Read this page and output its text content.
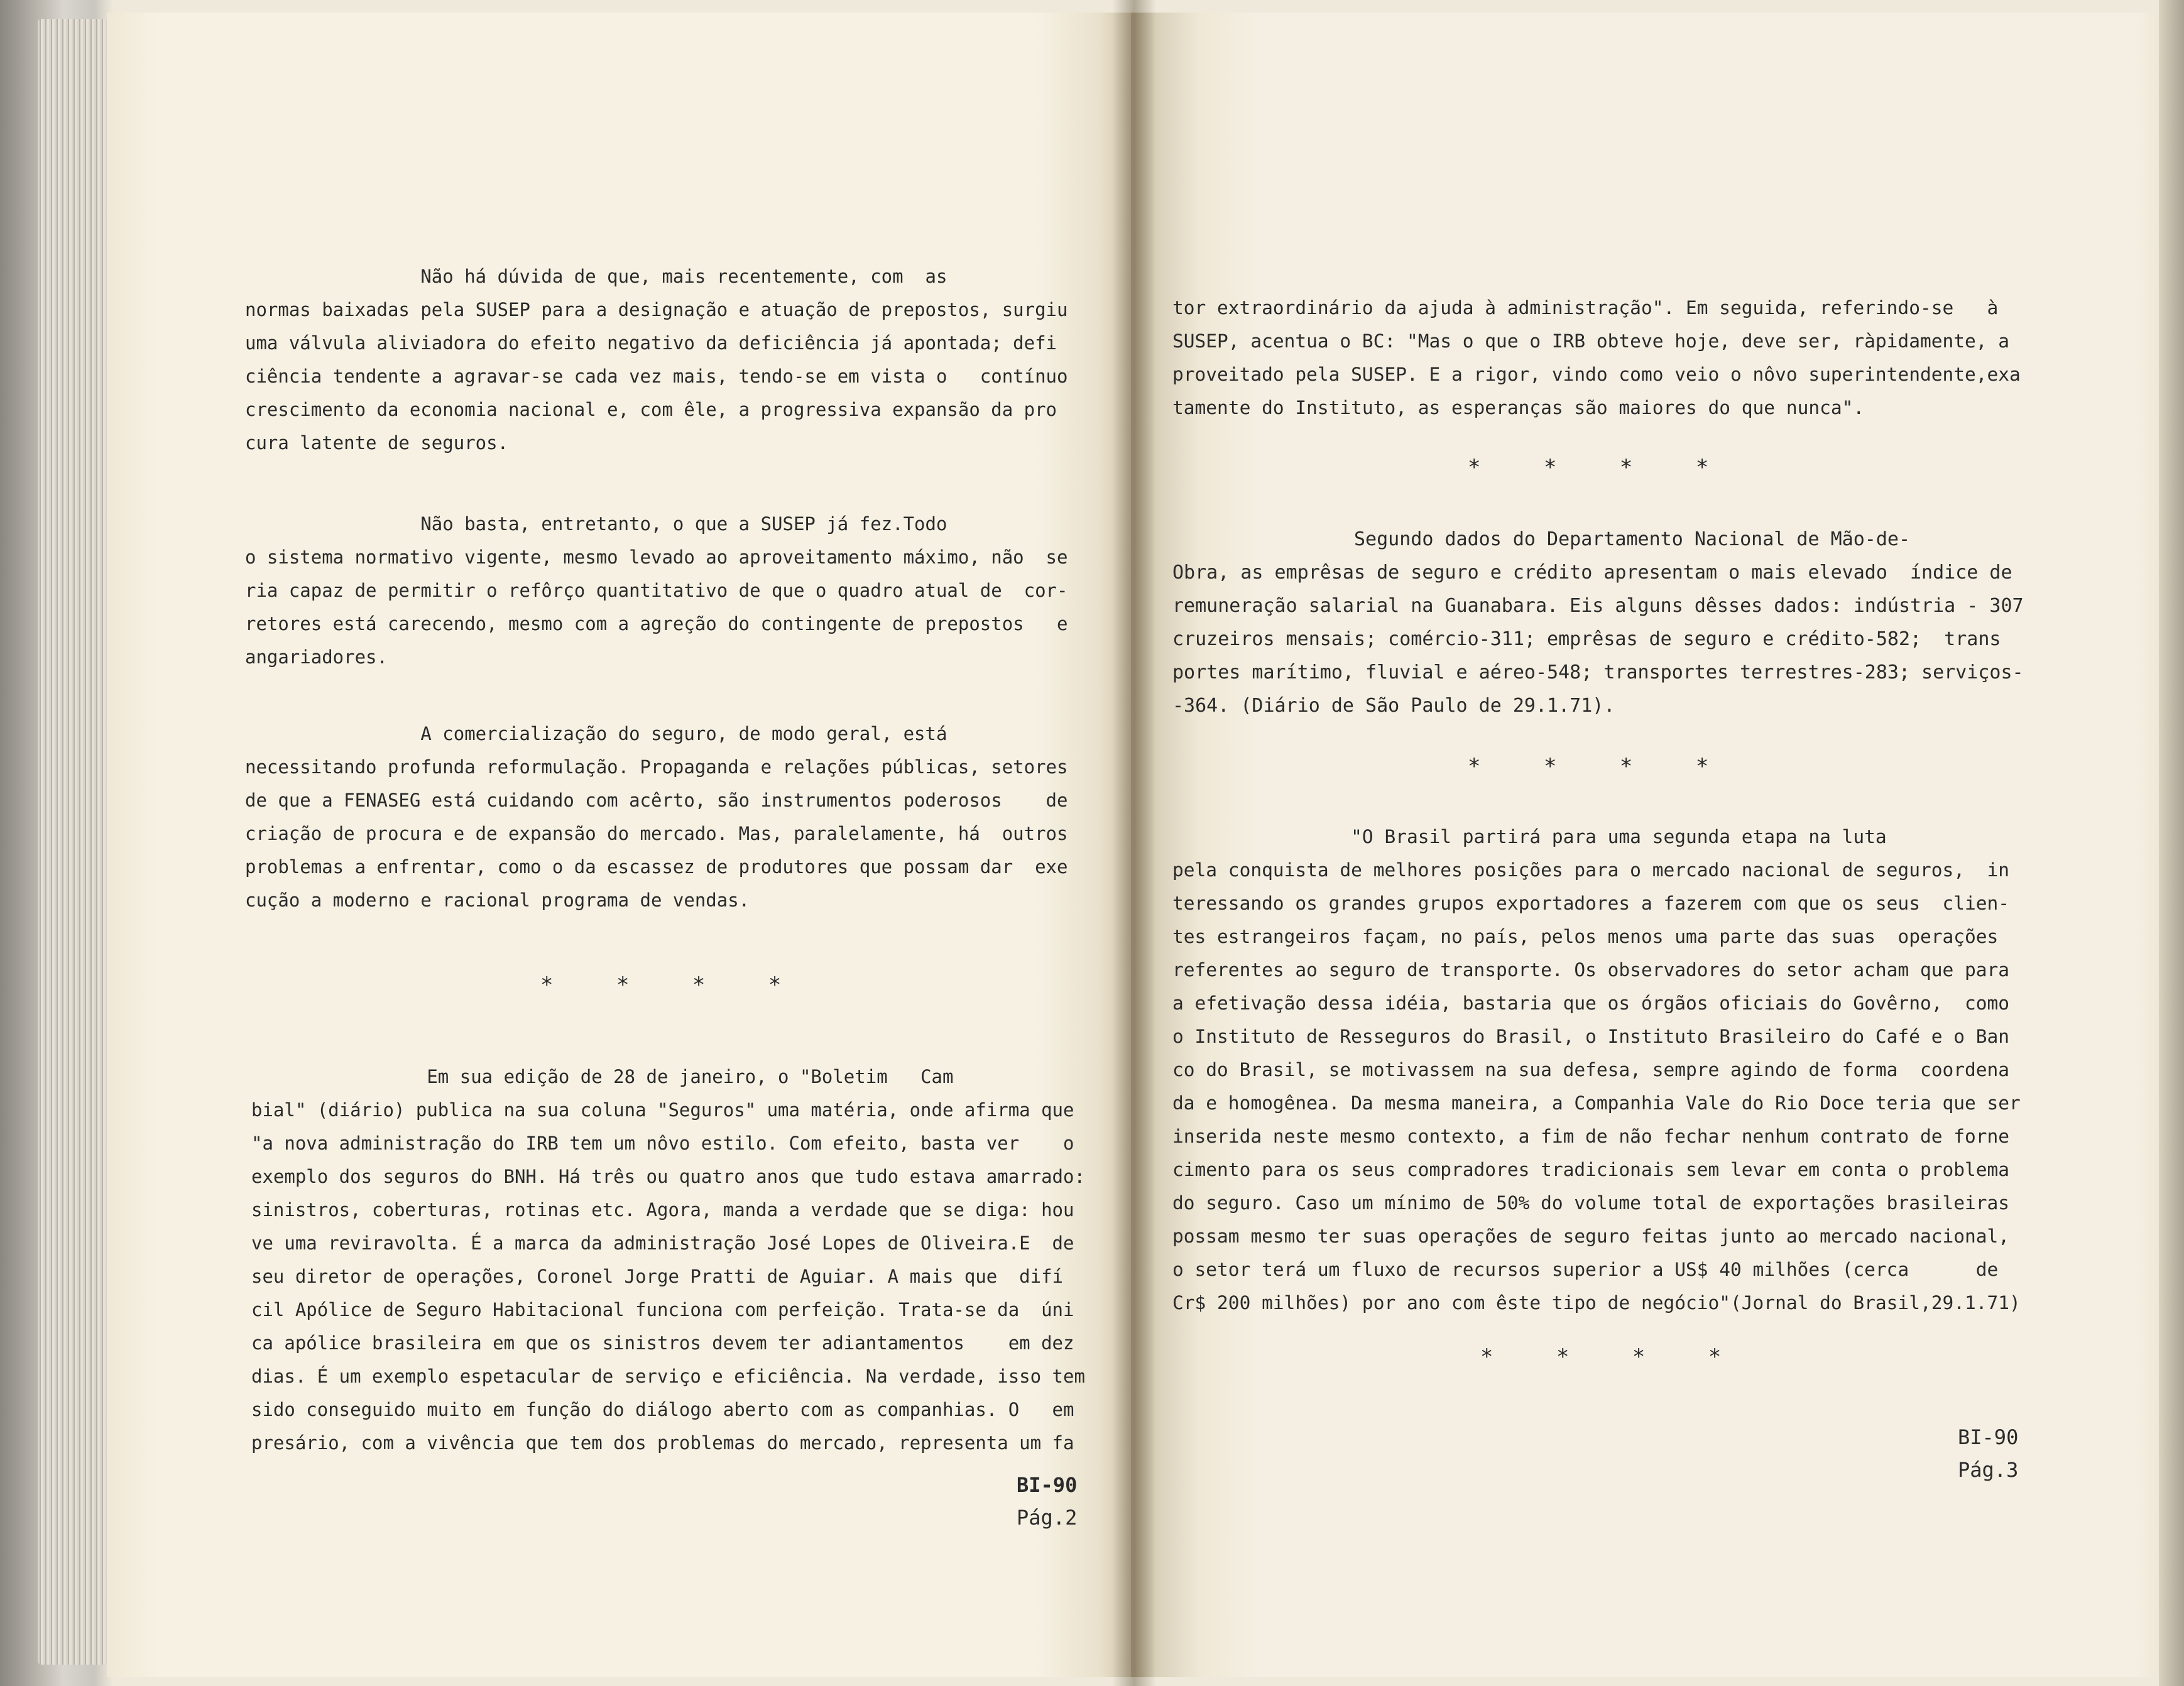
Não há dúvida de que, mais recentemente, com  as
normas baixadas pela SUSEP para a designação e atuação de prepostos, surgiu
uma válvula aliviadora do efeito negativo da deficiência já apontada; defi
ciência tendente a agravar-se cada vez mais, tendo-se em vista o   contínuo
crescimento da economia nacional e, com êle, a progressiva expansão da pro
cura latente de seguros.
Não basta, entretanto, o que a SUSEP já fez.Todo
o sistema normativo vigente, mesmo levado ao aproveitamento máximo, não  se
ria capaz de permitir o refôrço quantitativo de que o quadro atual de  cor-
retores está carecendo, mesmo com a agreção do contingente de prepostos   e
angariadores.
A comercialização do seguro, de modo geral, está
necessitando profunda reformulação. Propaganda e relações públicas, setores
de que a FENASEG está cuidando com acêrto, são instrumentos poderosos    de
criação de procura e de expansão do mercado. Mas, paralelamente, há  outros
problemas a enfrentar, como o da escassez de produtores que possam dar  exe
cução a moderno e racional programa de vendas.
* * * *
Em sua edição de 28 de janeiro, o "Boletim   Cam
bial" (diário) publica na sua coluna "Seguros" uma matéria, onde afirma que
"a nova administração do IRB tem um nôvo estilo. Com efeito, basta ver    o
exemplo dos seguros do BNH. Há três ou quatro anos que tudo estava amarrado:
sinistros, coberturas, rotinas etc. Agora, manda a verdade que se diga: hou
ve uma reviravolta. É a marca da administração José Lopes de Oliveira.E  de
seu diretor de operações, Coronel Jorge Pratti de Aguiar. A mais que  difí
cil Apólice de Seguro Habitacional funciona com perfeição. Trata-se da  úni
ca apólice brasileira em que os sinistros devem ter adiantamentos    em dez
dias. É um exemplo espetacular de serviço e eficiência. Na verdade, isso tem
sido conseguido muito em função do diálogo aberto com as companhias. O   em
presário, com a vivência que tem dos problemas do mercado, representa um fa
BI-90
Pág.2
tor extraordinário da ajuda à administração". Em seguida, referindo-se   à
SUSEP, acentua o BC: "Mas o que o IRB obteve hoje, deve ser, ràpidamente, a
proveitado pela SUSEP. E a rigor, vindo como veio o nôvo superintendente,exa
tamente do Instituto, as esperanças são maiores do que nunca".
* * * *
Segundo dados do Departamento Nacional de Mão-de-
Obra, as emprêsas de seguro e crédito apresentam o mais elevado  índice de
remuneração salarial na Guanabara. Eis alguns dêsses dados: indústria - 307
cruzeiros mensais; comércio-311; emprêsas de seguro e crédito-582;  trans
portes marítimo, fluvial e aéreo-548; transportes terrestres-283; serviços-
-364. (Diário de São Paulo de 29.1.71).
* * * *
"O Brasil partirá para uma segunda etapa na luta
pela conquista de melhores posições para o mercado nacional de seguros,  in
teressando os grandes grupos exportadores a fazerem com que os seus  clien-
tes estrangeiros façam, no país, pelos menos uma parte das suas  operações
referentes ao seguro de transporte. Os observadores do setor acham que para
a efetivação dessa idéia, bastaria que os órgãos oficiais do Govêrno,  como
o Instituto de Resseguros do Brasil, o Instituto Brasileiro do Café e o Ban
co do Brasil, se motivassem na sua defesa, sempre agindo de forma  coordena
da e homogênea. Da mesma maneira, a Companhia Vale do Rio Doce teria que ser
inserida neste mesmo contexto, a fim de não fechar nenhum contrato de forne
cimento para os seus compradores tradicionais sem levar em conta o problema
do seguro. Caso um mínimo de 50% do volume total de exportações brasileiras
possam mesmo ter suas operações de seguro feitas junto ao mercado nacional,
o setor terá um fluxo de recursos superior a US$ 40 milhões (cerca      de
Cr$ 200 milhões) por ano com êste tipo de negócio"(Jornal do Brasil,29.1.71)
* * * *
BI-90
Pág.3
